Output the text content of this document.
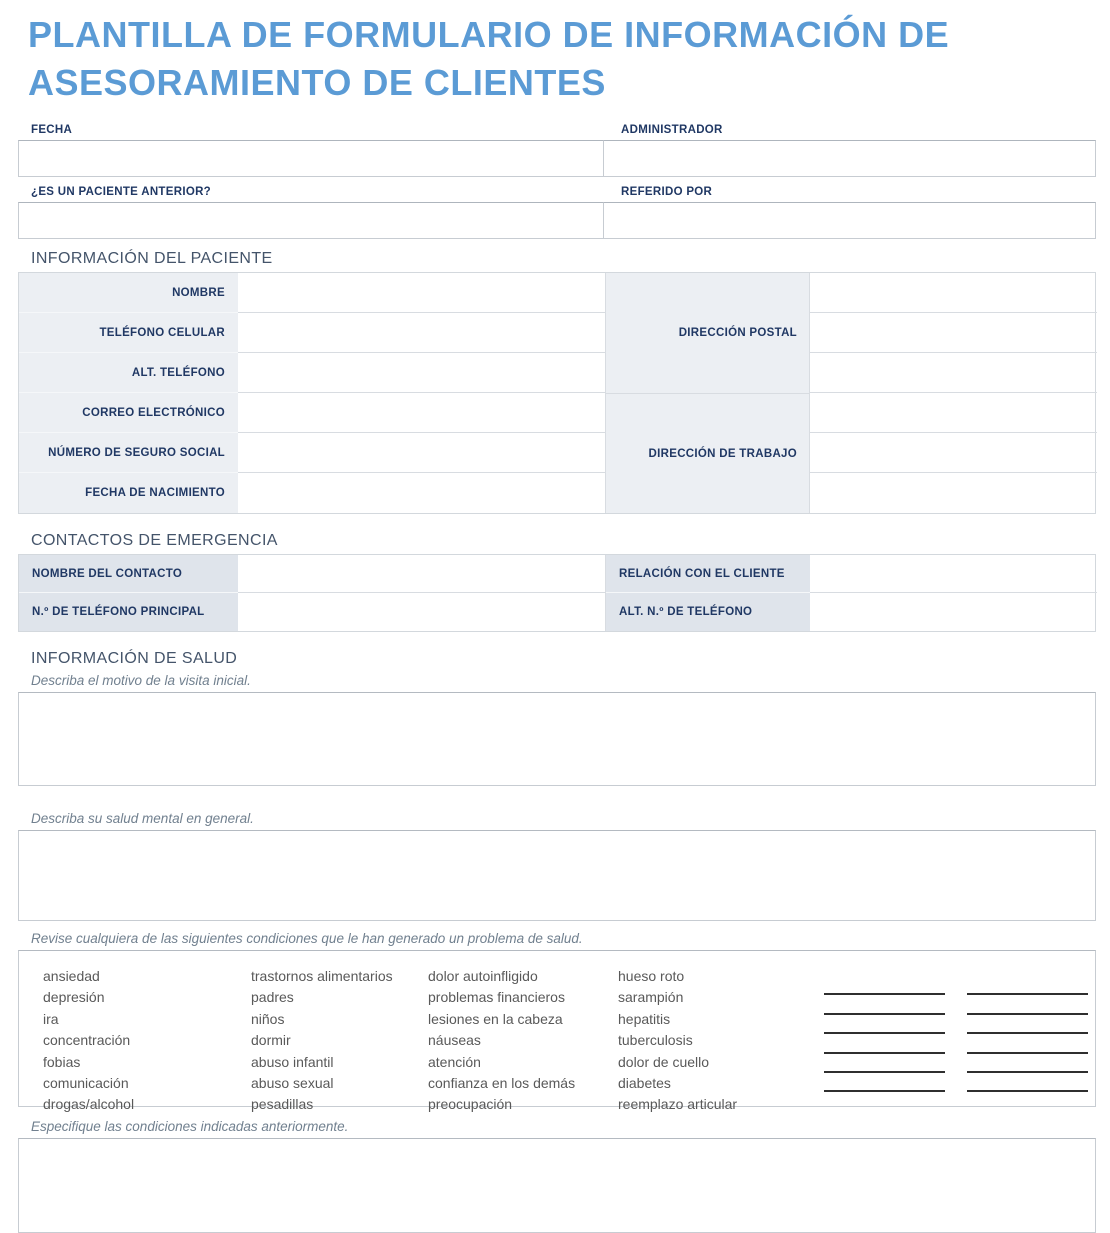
PLANTILLA DE FORMULARIO DE INFORMACIÓN DE ASESORAMIENTO DE CLIENTES
FECHA	ADMINISTRADOR
¿ES UN PACIENTE ANTERIOR?	REFERIDO POR
INFORMACIÓN DEL PACIENTE
NOMBRE
DIRECCIÓN POSTAL
TELÉFONO CELULAR
ALT. TELÉFONO
CORREO ELECTRÓNICO
DIRECCIÓN DE TRABAJO
NÚMERO DE SEGURO SOCIAL
FECHA DE NACIMIENTO
CONTACTOS DE EMERGENCIA
NOMBRE DEL CONTACTO	RELACIÓN CON EL CLIENTE
N.º DE TELÉFONO PRINCIPAL	ALT. N.º DE TELÉFONO
INFORMACIÓN DE SALUD
Describa el motivo de la visita inicial.
Describa su salud mental en general.
Revise cualquiera de las siguientes condiciones que le han generado un problema de salud.
ansiedad
depresión
ira
concentración
fobias
comunicación
drogas/alcohol
trastornos alimentarios
padres
niños
dormir
abuso infantil
abuso sexual
pesadillas
dolor autoinfligido
problemas financieros
lesiones en la cabeza
náuseas
atención
confianza en los demás
preocupación
hueso roto
sarampión
hepatitis
tuberculosis
dolor de cuello
diabetes
reemplazo articular
Especifique las condiciones indicadas anteriormente.
